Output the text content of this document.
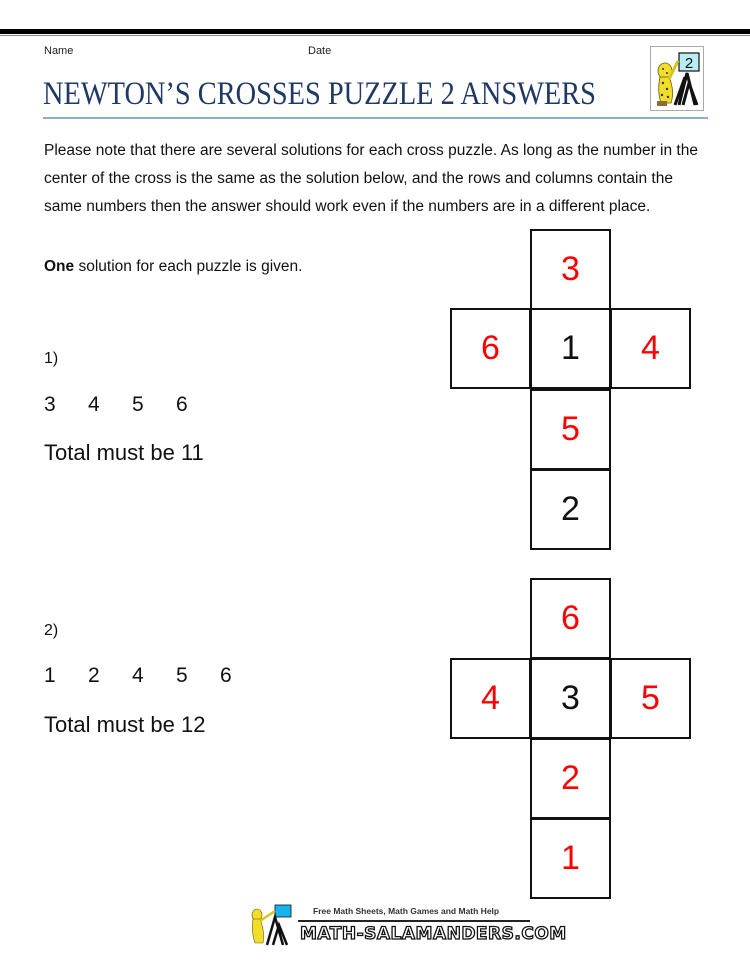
Name	Date
NEWTON’S CROSSES PUZZLE 2 ANSWERS
2
Please note that there are several solutions for each cross puzzle. As long as the number in the center of the cross is the same as the solution below, and the rows and columns contain the same numbers then the answer should work even if the numbers are in a different place.
One solution for each puzzle is given.
1)
3	4	5	6
Total must be 11
3
6	1	4
5
2
2)
1	2	4	5	6
Total must be 12
6
4	3	5
2
1
Free Math Sheets, Math Games and Math Help
MATH-SALAMANDERS.COM
